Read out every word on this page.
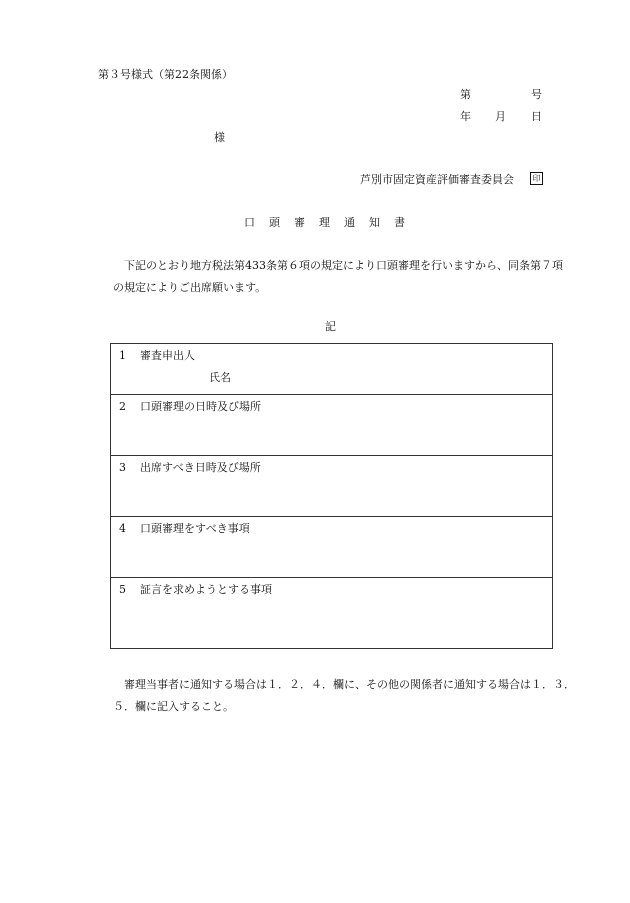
第３号様式（第22条関係）
第	号
年 月 日
様
芦別市固定資産評価審査委員会	印
口 頭 審 理 通 知 書
下記のとおり地方税法第433条第６項の規定により口頭審理を行いますから、同条第７項の規定によりご出席願います。
記
1 審査申出人
氏名
2 口頭審理の日時及び場所
3 出席すべき日時及び場所
4 口頭審理をすべき事項
5 証言を求めようとする事項
審理当事者に通知する場合は１．２．４．欄に、その他の関係者に通知する場合は１．３．５．欄に記入すること。
